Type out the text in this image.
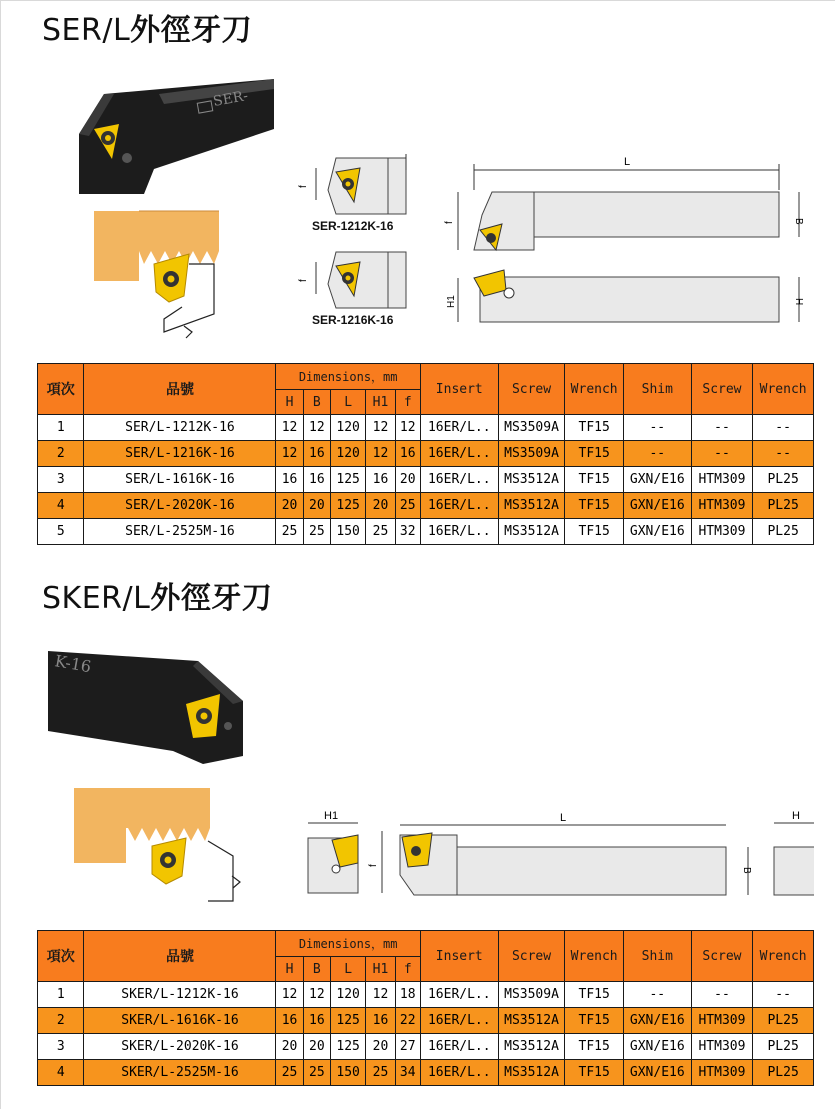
SER/L外徑牙刀
SER-
f
SER-1212K-16
f
SER-1216K-16
L
f	B
H1	H
項次	品號	Dimensions，mm					Insert	Screw	Wrench	Shim	Screw	Wrench
		H	B	L	H1	f						
1	SER/L-1212K-16	12	12	120	12	12	16ER/L..	MS3509A	TF15	--	--	--
2	SER/L-1216K-16	12	16	120	12	16	16ER/L..	MS3509A	TF15	--	--	--
3	SER/L-1616K-16	16	16	125	16	20	16ER/L..	MS3512A	TF15	GXN/E16	HTM309	PL25
4	SER/L-2020K-16	20	20	125	20	25	16ER/L..	MS3512A	TF15	GXN/E16	HTM309	PL25
5	SER/L-2525M-16	25	25	150	25	32	16ER/L..	MS3512A	TF15	GXN/E16	HTM309	PL25
SKER/L外徑牙刀
K-16
H1
f
L
B
H
項次	品號	Dimensions，mm					Insert	Screw	Wrench	Shim	Screw	Wrench
		H	B	L	H1	f						
1	SKER/L-1212K-16	12	12	120	12	18	16ER/L..	MS3509A	TF15	--	--	--
2	SKER/L-1616K-16	16	16	125	16	22	16ER/L..	MS3512A	TF15	GXN/E16	HTM309	PL25
3	SKER/L-2020K-16	20	20	125	20	27	16ER/L..	MS3512A	TF15	GXN/E16	HTM309	PL25
4	SKER/L-2525M-16	25	25	150	25	34	16ER/L..	MS3512A	TF15	GXN/E16	HTM309	PL25
